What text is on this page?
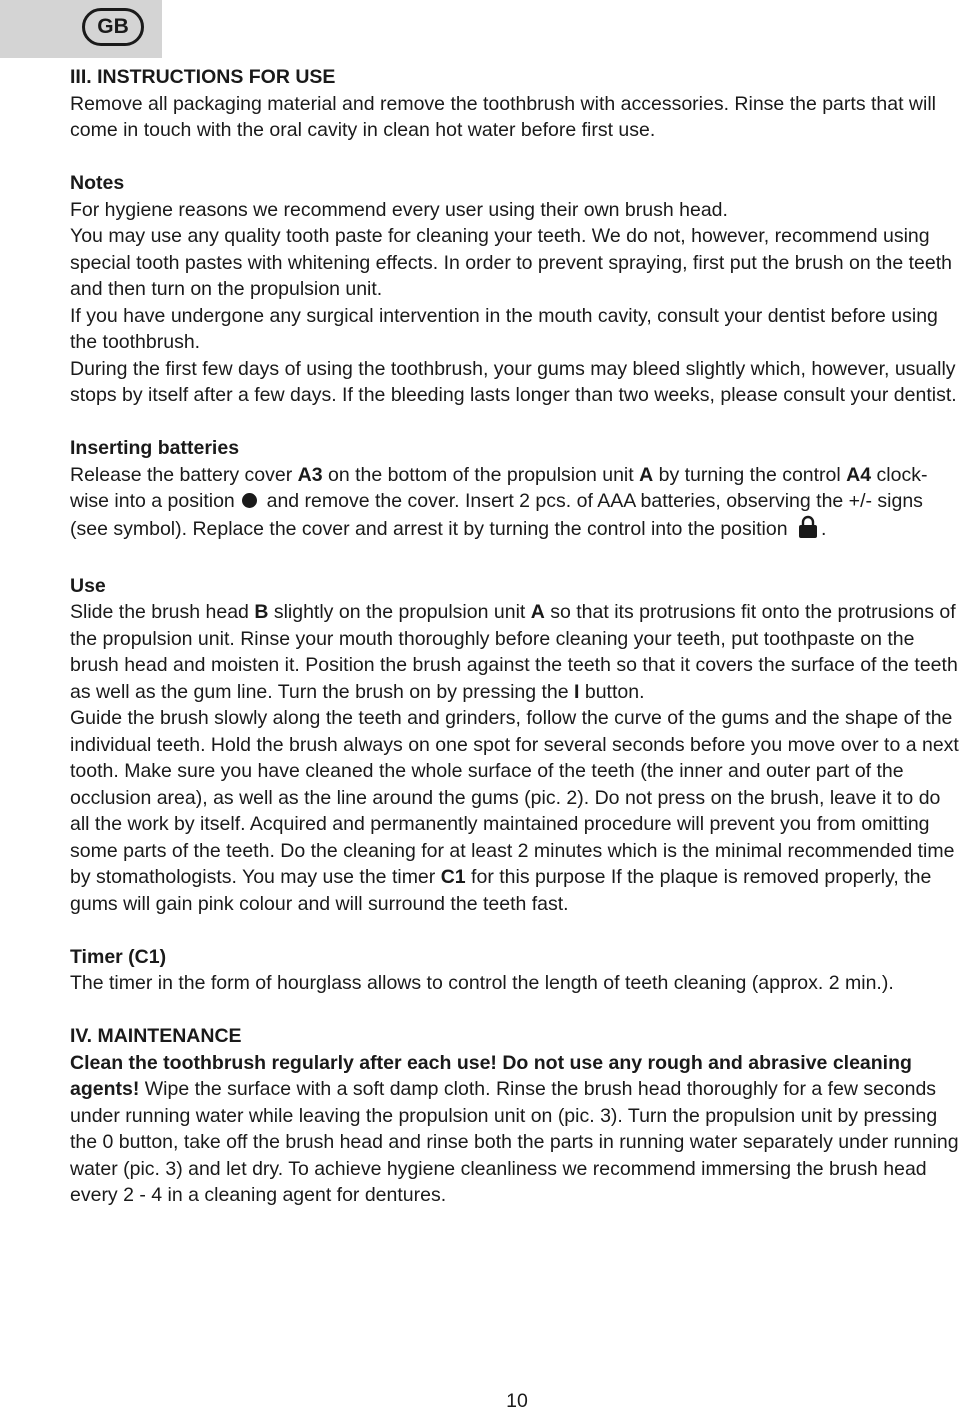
GB

III. INSTRUCTIONS FOR USE

Remove all packaging material and remove the toothbrush with accessories. Rinse the parts that will come in touch with the oral cavity in clean hot water before first use.

Notes

For hygiene reasons we recommend every user using their own brush head.

You may use any quality tooth paste for cleaning your teeth. We do not, however, recommend using special tooth pastes with whitening effects. In order to prevent spraying, first put the brush on the teeth and then turn on the propulsion unit.

If you have undergone any surgical intervention in the mouth cavity, consult your dentist before using the toothbrush.

During the first few days of using the toothbrush, your gums may bleed slightly which, however, usually stops by itself after a few days. If the bleeding lasts longer than two weeks, please consult your dentist.

Inserting batteries

Release the battery cover A3 on the bottom of the propulsion unit A by turning the control A4 clock-wise into a position  and remove the cover. Insert 2 pcs. of AAA batteries, observing the +/- signs (see symbol). Replace the cover and arrest it by turning the control into the position .

Use

Slide the brush head B slightly on the propulsion unit A so that its protrusions fit onto the protrusions of the propulsion unit. Rinse your mouth thoroughly before cleaning your teeth, put toothpaste on the brush head and moisten it. Position the brush against the teeth so that it covers the surface of the teeth as well as the gum line. Turn the brush on by pressing the I button.

Guide the brush slowly along the teeth and grinders, follow the curve of the gums and the shape of the individual teeth. Hold the brush always on one spot for several seconds before you move over to a next tooth. Make sure you have cleaned the whole surface of the teeth (the inner and outer part of the occlusion area), as well as the line around the gums (pic. 2). Do not press on the brush, leave it to do all the work by itself. Acquired and permanently maintained procedure will prevent you from omitting some parts of the teeth. Do the cleaning for at least 2 minutes which is the minimal recommended time by stomathologists. You may use the timer C1 for this purpose If the plaque is removed properly, the gums will gain pink colour and will surround the teeth fast.

Timer (C1)

The timer in the form of hourglass allows to control the length of teeth cleaning (approx. 2 min.).

IV. MAINTENANCE

Clean the toothbrush regularly after each use! Do not use any rough and abrasive cleaning agents! Wipe the surface with a soft damp cloth. Rinse the brush head thoroughly for a few seconds under running water while leaving the propulsion unit on (pic. 3). Turn the propulsion unit by pressing the 0 button, take off the brush head and rinse both the parts in running water separately under running water (pic. 3) and let dry. To achieve hygiene cleanliness we recommend immersing the brush head every 2 - 4 in a cleaning agent for dentures.

10
